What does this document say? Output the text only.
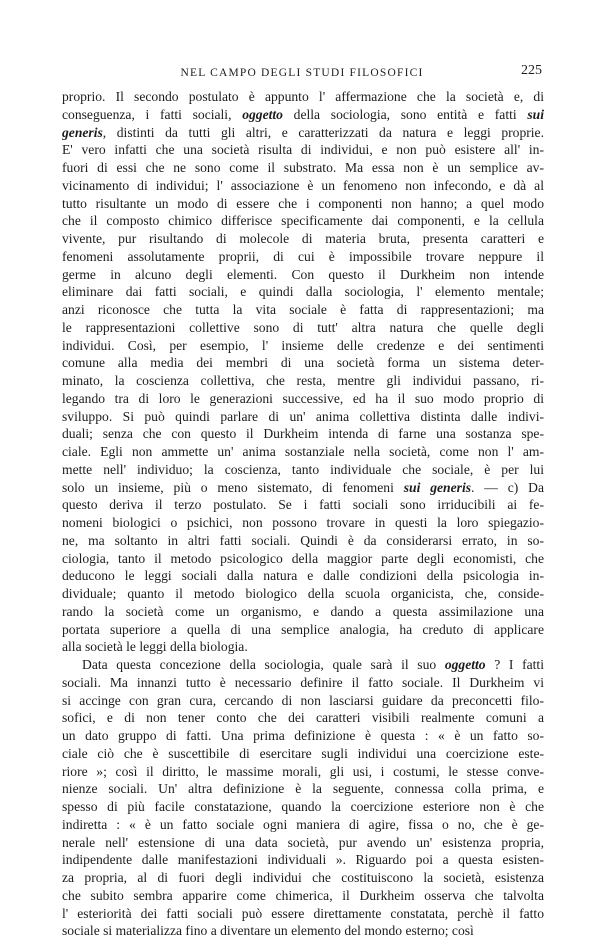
NEL CAMPO DEGLI STUDI FILOSOFICI	225

proprio. Il secondo postulato è appunto l' affermazione che la società e, di
conseguenza, i fatti sociali, oggetto della sociologia, sono entità e fatti sui
generis, distinti da tutti gli altri, e caratterizzati da natura e leggi proprie.
E' vero infatti che una società risulta di individui, e non può esistere all' in-
fuori di essi che ne sono come il substrato. Ma essa non è un semplice av-
vicinamento di individui; l' associazione è un fenomeno non infecondo, e dà al
tutto risultante un modo di essere che i componenti non hanno; a quel modo
che il composto chimico differisce specificamente dai componenti, e la cellula
vivente, pur risultando di molecole di materia bruta, presenta caratteri e
fenomeni assolutamente proprii, di cui è impossibile trovare neppure il
germe in alcuno degli elementi. Con questo il Durkheim non intende
eliminare dai fatti sociali, e quindi dalla sociologia, l' elemento mentale;
anzi riconosce che tutta la vita sociale è fatta di rappresentazioni; ma
le rappresentazioni collettive sono di tutt' altra natura che quelle degli
individui. Così, per esempio, l' insieme delle credenze e dei sentimenti
comune alla media dei membri di una società forma un sistema deter-
minato, la coscienza collettiva, che resta, mentre gli individui passano, ri-
legando tra di loro le generazioni successive, ed ha il suo modo proprio di
sviluppo. Si può quindi parlare di un' anima collettiva distinta dalle indivi-
duali; senza che con questo il Durkheim intenda di farne una sostanza spe-
ciale. Egli non ammette un' anima sostanziale nella società, come non l' am-
mette nell' individuo; la coscienza, tanto individuale che sociale, è per lui
solo un insieme, più o meno sistemato, di fenomeni sui generis. — c) Da
questo deriva il terzo postulato. Se i fatti sociali sono irriducibili ai fe-
nomeni biologici o psichici, non possono trovare in questi la loro spiegazio-
ne, ma soltanto in altri fatti sociali. Quindi è da considerarsi errato, in so-
ciologia, tanto il metodo psicologico della maggior parte degli economisti, che
deducono le leggi sociali dalla natura e dalle condizioni della psicologia in-
dividuale; quanto il metodo biologico della scuola organicista, che, conside-
rando la società come un organismo, e dando a questa assimilazione una
portata superiore a quella di una semplice analogia, ha creduto di applicare
alla società le leggi della biologia.

Data questa concezione della sociologia, quale sarà il suo oggetto ? I fatti
sociali. Ma innanzi tutto è necessario definire il fatto sociale. Il Durkheim vi
si accinge con gran cura, cercando di non lasciarsi guidare da preconcetti filo-
sofici, e di non tener conto che dei caratteri visibili realmente comuni a
un dato gruppo di fatti. Una prima definizione è questa : « è un fatto so-
ciale ciò che è suscettibile di esercitare sugli individui una coercizione este-
riore »; così il diritto, le massime morali, gli usi, i costumi, le stesse conve-
nienze sociali. Un' altra definizione è la seguente, connessa colla prima, e
spesso di più facile constatazione, quando la coercizione esteriore non è che
indiretta : « è un fatto sociale ogni maniera di agire, fissa o no, che è ge-
nerale nell' estensione di una data società, pur avendo un' esistenza propria,
indipendente dalle manifestazioni individuali ». Riguardo poi a questa esisten-
za propria, al di fuori degli individui che costituiscono la società, esistenza
che subito sembra apparire come chimerica, il Durkheim osserva che talvolta
l' esteriorità dei fatti sociali può essere direttamente constatata, perchè il fatto
sociale si materializza fino a diventare un elemento del mondo esterno; così
